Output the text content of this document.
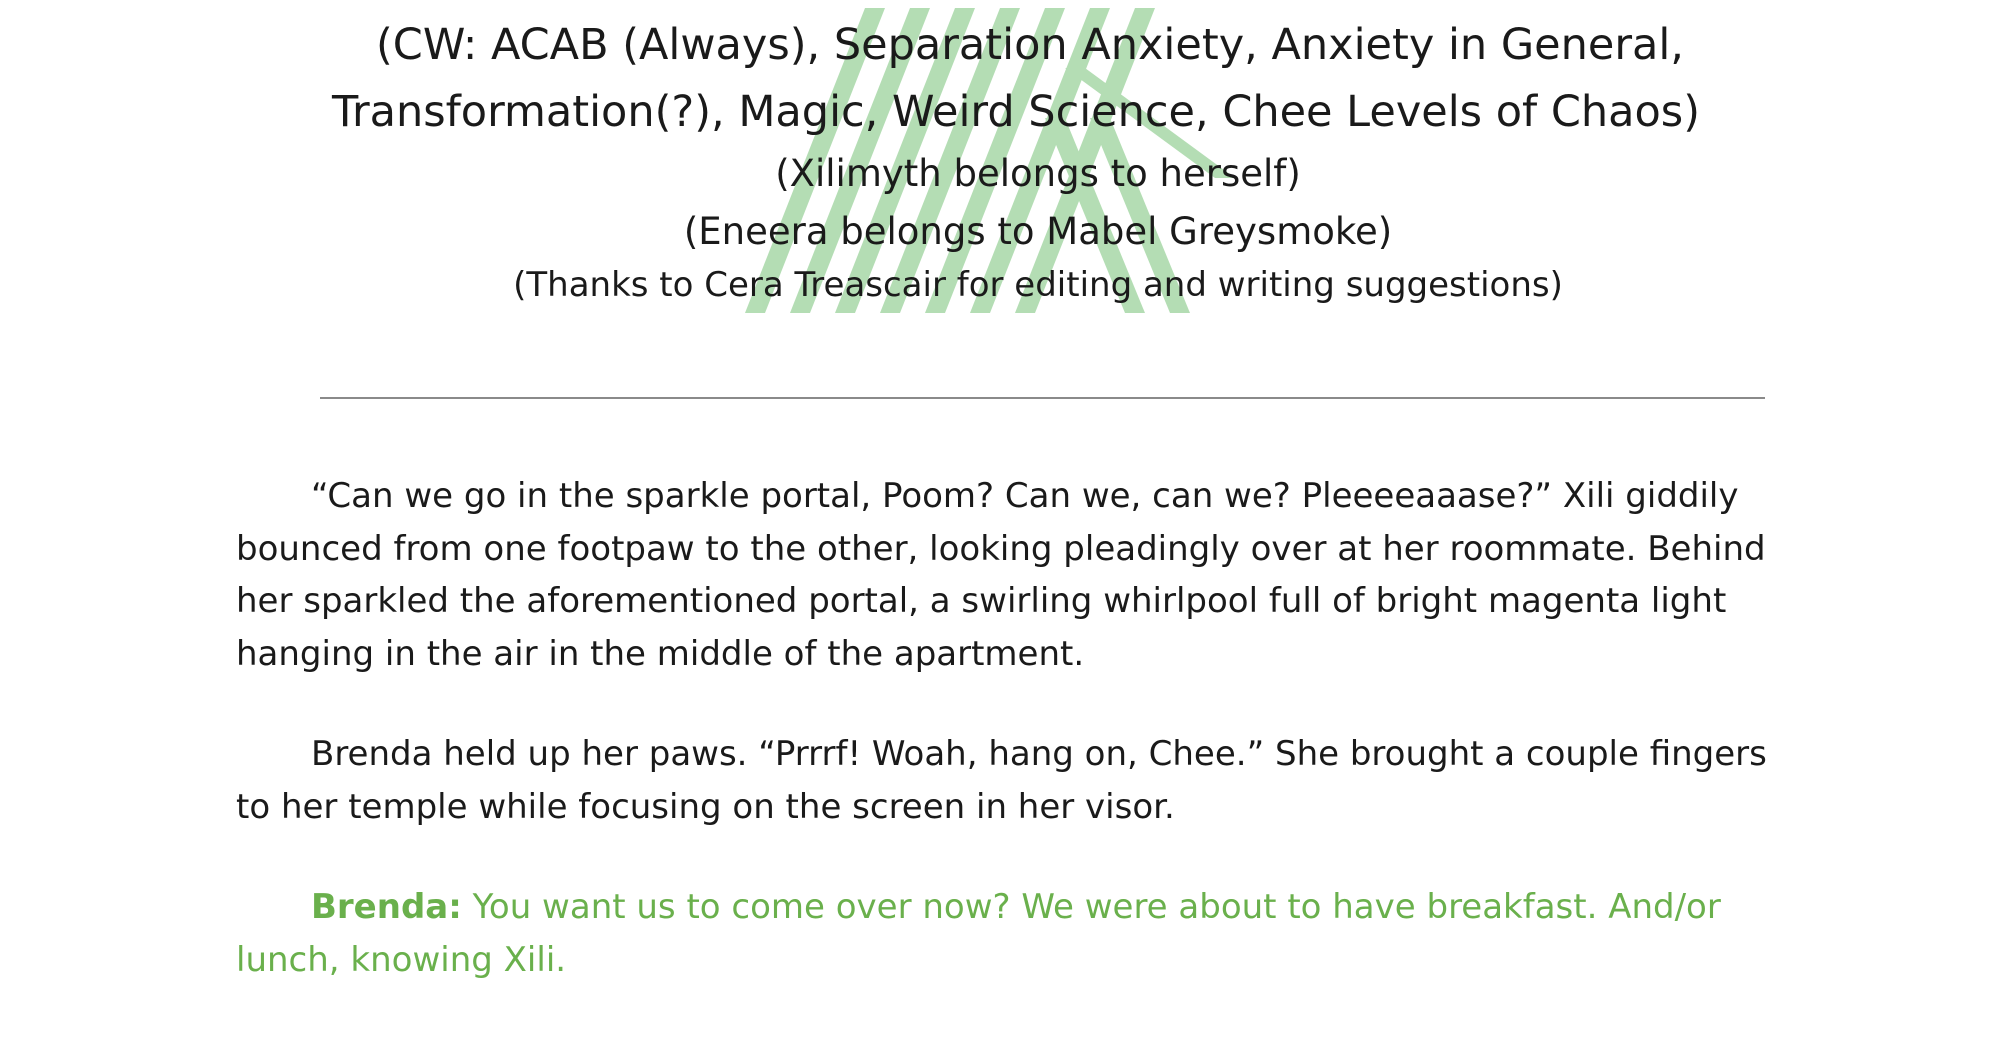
(CW: ACAB (Always), Separation Anxiety, Anxiety in General,
Transformation(?), Magic, Weird Science, Chee Levels of Chaos)
(Xilimyth belongs to herself)
(Eneera belongs to Mabel Greysmoke)
(Thanks to Cera Treascair for editing and writing suggestions)
“Can we go in the sparkle portal, Poom? Can we, can we? Pleeeeaaase?” Xili giddily bounced from one footpaw to the other, looking pleadingly over at her roommate. Behind her sparkled the aforementioned portal, a swirling whirlpool full of bright magenta light hanging in the air in the middle of the apartment.
Brenda held up her paws. “Prrrf! Woah, hang on, Chee.” She brought a couple fingers to her temple while focusing on the screen in her visor.
Brenda: You want us to come over now? We were about to have breakfast. And/or lunch, knowing Xili.
